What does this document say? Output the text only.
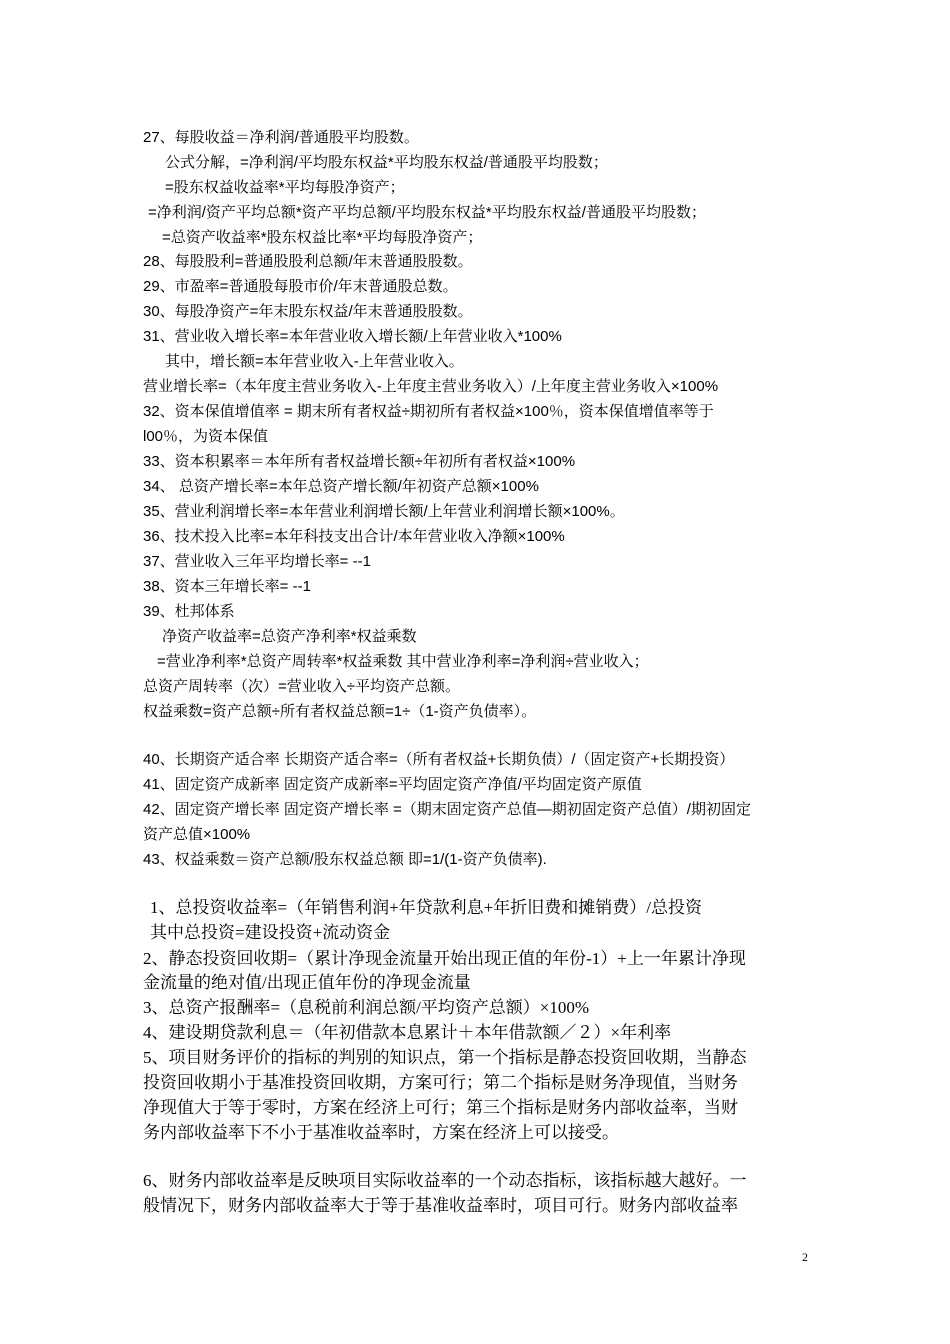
27、每股收益＝净利润/普通股平均股数。
公式分解，=净利润/平均股东权益*平均股东权益/普通股平均股数；
=股东权益收益率*平均每股净资产；
=净利润/资产平均总额*资产平均总额/平均股东权益*平均股东权益/普通股平均股数；
=总资产收益率*股东权益比率*平均每股净资产；
28、每股股利=普通股股利总额/年末普通股股数。
29、市盈率=普通股每股市价/年末普通股总数。
30、每股净资产=年末股东权益/年末普通股股数。
31、营业收入增长率=本年营业收入增长额/上年营业收入*100%
其中，增长额=本年营业收入-上年营业收入。
营业增长率=（本年度主营业务收入-上年度主营业务收入）/上年度主营业务收入×100%
32、资本保值增值率 = 期末所有者权益÷期初所有者权益×100％，资本保值增值率等于
l00％，为资本保值
33、资本积累率＝本年所有者权益增长额÷年初所有者权益×100%
34、 总资产增长率=本年总资产增长额/年初资产总额×100%
35、营业利润增长率=本年营业利润增长额/上年营业利润增长额×100%。
36、技术投入比率=本年科技支出合计/本年营业收入净额×100%
37、营业收入三年平均增长率= --1
38、资本三年增长率= --1
39、杜邦体系
净资产收益率=总资产净利率*权益乘数
=营业净利率*总资产周转率*权益乘数 其中营业净利率=净利润÷营业收入；
总资产周转率（次）=营业收入÷平均资产总额。
权益乘数=资产总额÷所有者权益总额=1÷（1-资产负债率）。
40、长期资产适合率 长期资产适合率=（所有者权益+长期负债）/（固定资产+长期投资）
41、固定资产成新率 固定资产成新率=平均固定资产净值/平均固定资产原值
42、固定资产增长率 固定资产增长率 =（期末固定资产总值—期初固定资产总值）/期初固定
资产总值×100%
43、权益乘数＝资产总额/股东权益总额 即=1/(1-资产负债率).
1、总投资收益率=（年销售利润+年贷款利息+年折旧费和摊销费）/总投资
其中总投资=建设投资+流动资金
2、静态投资回收期=（累计净现金流量开始出现正值的年份-1）+上一年累计净现
金流量的绝对值/出现正值年份的净现金流量
3、总资产报酬率=（息税前利润总额/平均资产总额）×100%
4、建设期贷款利息＝（年初借款本息累计＋本年借款额／２）×年利率
5、项目财务评价的指标的判别的知识点，第一个指标是静态投资回收期，当静态
投资回收期小于基准投资回收期，方案可行；第二个指标是财务净现值，当财务
净现值大于等于零时，方案在经济上可行；第三个指标是财务内部收益率，当财
务内部收益率下不小于基准收益率时，方案在经济上可以接受。
6、财务内部收益率是反映项目实际收益率的一个动态指标，该指标越大越好。一
般情况下，财务内部收益率大于等于基准收益率时，项目可行。财务内部收益率
2
